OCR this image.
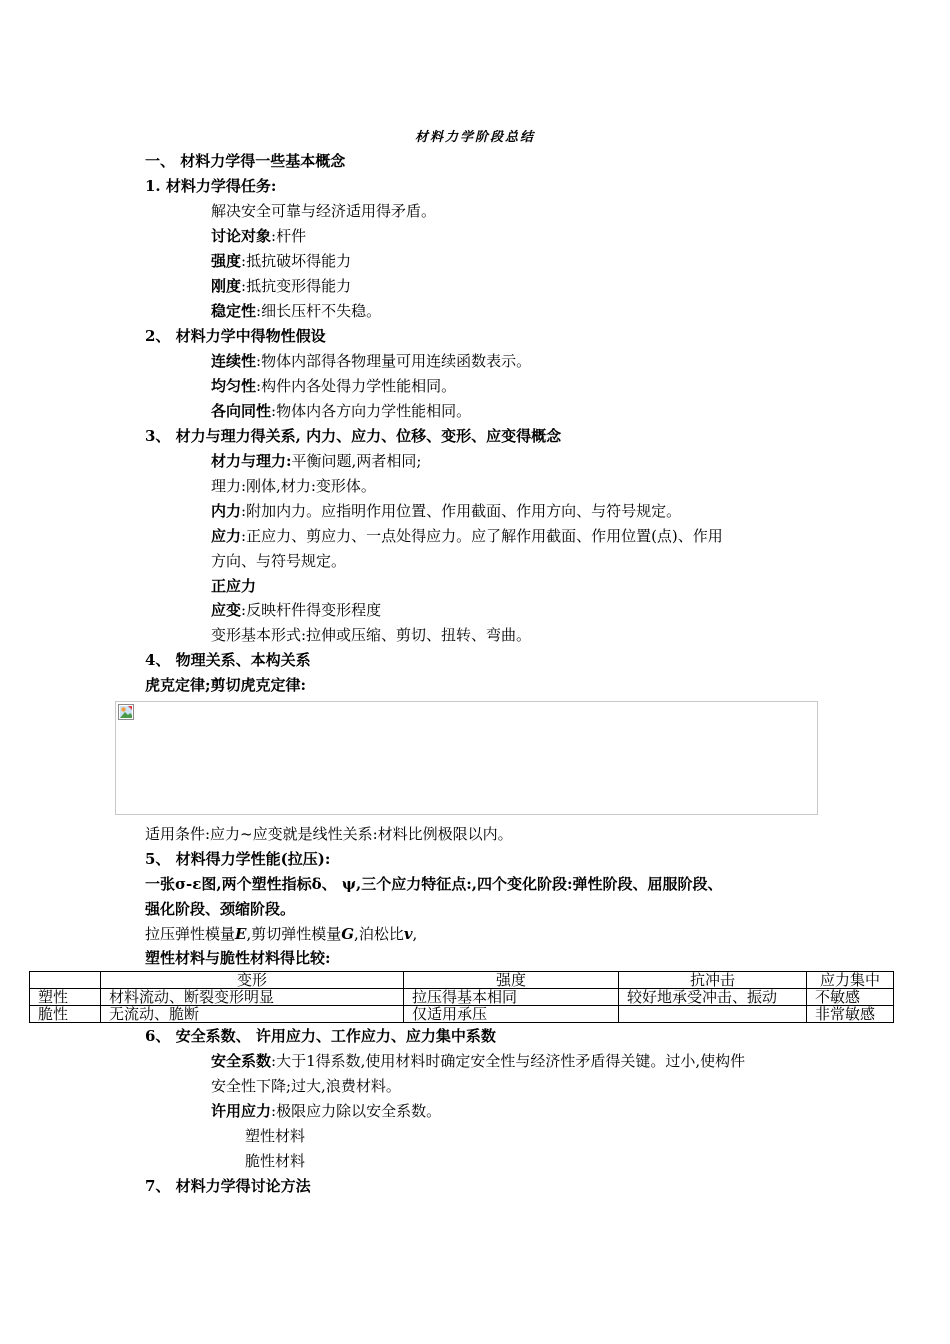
材料力学阶段总结
一、 材料力学得一些基本概念
1. 材料力学得任务:
解决安全可靠与经济适用得矛盾。
讨论对象:杆件
强度:抵抗破坏得能力
刚度:抵抗变形得能力
稳定性:细长压杆不失稳。
2、 材料力学中得物性假设
连续性:物体内部得各物理量可用连续函数表示。
均匀性:构件内各处得力学性能相同。
各向同性:物体内各方向力学性能相同。
3、 材力与理力得关系, 内力、应力、位移、变形、应变得概念
材力与理力:平衡问题,两者相同;
理力:刚体,材力:变形体。
内力:附加内力。应指明作用位置、作用截面、作用方向、与符号规定。
应力:正应力、剪应力、一点处得应力。应了解作用截面、作用位置(点)、作用
方向、与符号规定。
正应力
应变:反映杆件得变形程度
变形基本形式:拉伸或压缩、剪切、扭转、弯曲。
4、 物理关系、本构关系
虎克定律;剪切虎克定律:
适用条件:应力~应变就是线性关系:材料比例极限以内。
5、 材料得力学性能(拉压):
一张σ-ε图,两个塑性指标δ、 ψ,三个应力特征点:,四个变化阶段:弹性阶段、屈服阶段、
强化阶段、颈缩阶段。
拉压弹性模量E,剪切弹性模量G,泊松比v,
塑性材料与脆性材料得比较:
	变形	强度	抗冲击	应力集中
塑性	材料流动、断裂变形明显	拉压得基本相同	较好地承受冲击、振动	不敏感
脆性	无流动、脆断	仅适用承压		非常敏感
6、 安全系数、 许用应力、工作应力、应力集中系数
安全系数:大于1得系数,使用材料时确定安全性与经济性矛盾得关键。过小,使构件
安全性下降;过大,浪费材料。
许用应力:极限应力除以安全系数。
塑性材料
脆性材料
7、 材料力学得讨论方法
